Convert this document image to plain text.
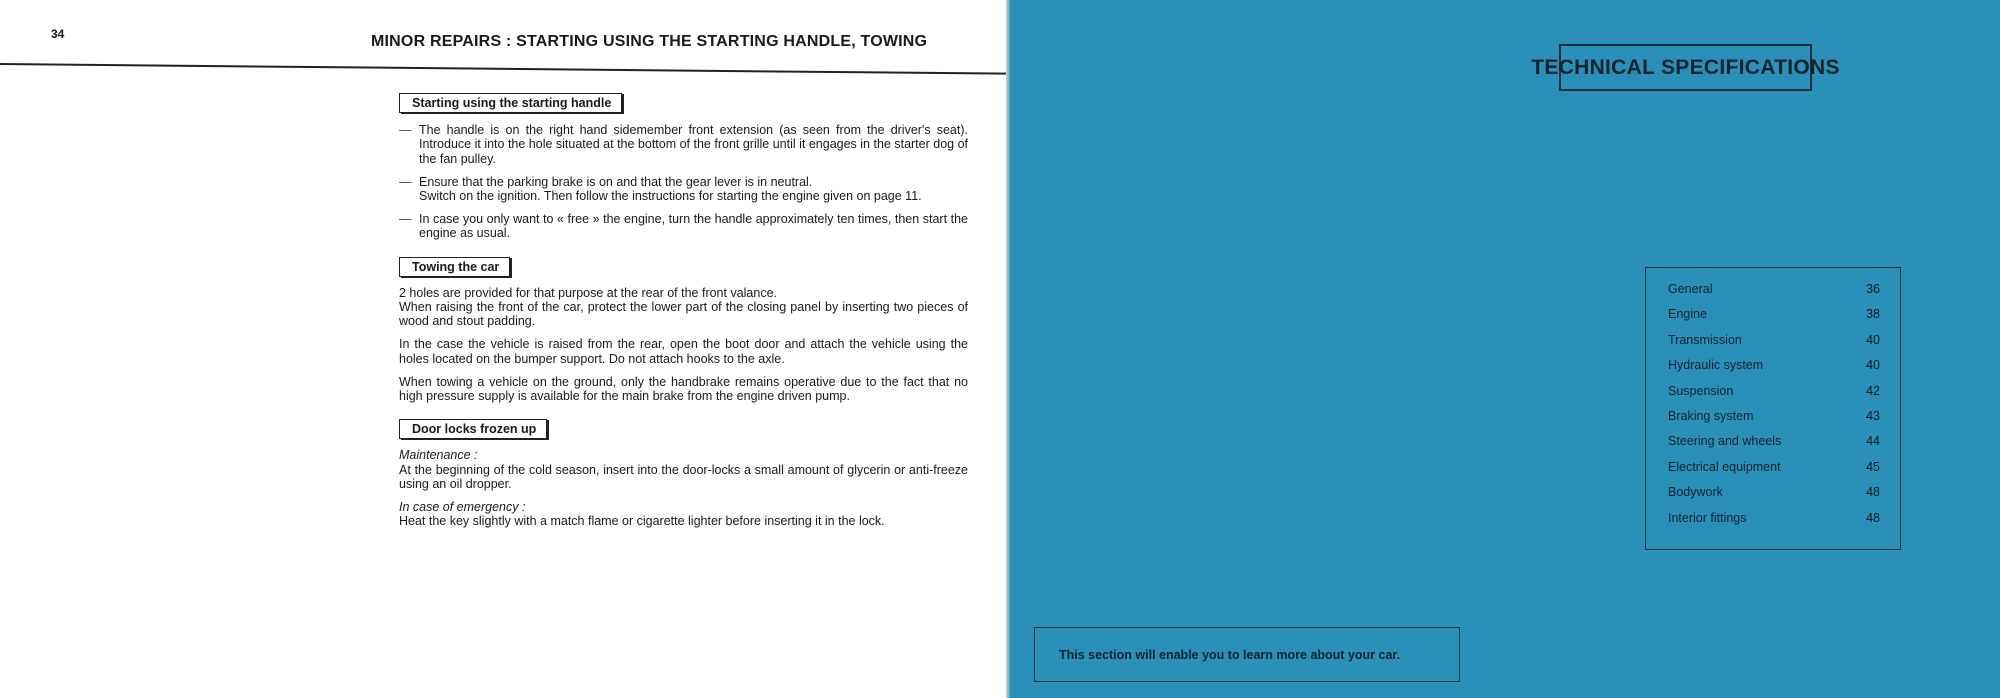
34	MINOR REPAIRS : STARTING USING THE STARTING HANDLE, TOWING
Starting using the starting handle
— The handle is on the right hand sidemember front extension (as seen from the driver's seat). Introduce it into the hole situated at the bottom of the front grille until it engages in the starter dog of the fan pulley.
— Ensure that the parking brake is on and that the gear lever is in neutral.
Switch on the ignition. Then follow the instructions for starting the engine given on page 11.
— In case you only want to « free » the engine, turn the handle approximately ten times, then start the engine as usual.
Towing the car

2 holes are provided for that purpose at the rear of the front valance.

When raising the front of the car, protect the lower part of the closing panel by inserting two pieces of wood and stout padding.

In the case the vehicle is raised from the rear, open the boot door and attach the vehicle using the holes located on the bumper support. Do not attach hooks to the axle.

When towing a vehicle on the ground, only the handbrake remains operative due to the fact that no high pressure supply is available for the main brake from the engine driven pump.

Door locks frozen up

Maintenance :

At the beginning of the cold season, insert into the door-locks a small amount of glycerin or anti-freeze using an oil dropper.

In case of emergency :

Heat the key slightly with a match flame or cigarette lighter before inserting it in the lock.

TECHNICAL SPECIFICATIONS
General	36
Engine	38
Transmission	40
Hydraulic system	40
Suspension	42
Braking system	43
Steering and wheels	44
Electrical equipment	45
Bodywork	48
Interior fittings	48
This section will enable you to learn more about your car.
